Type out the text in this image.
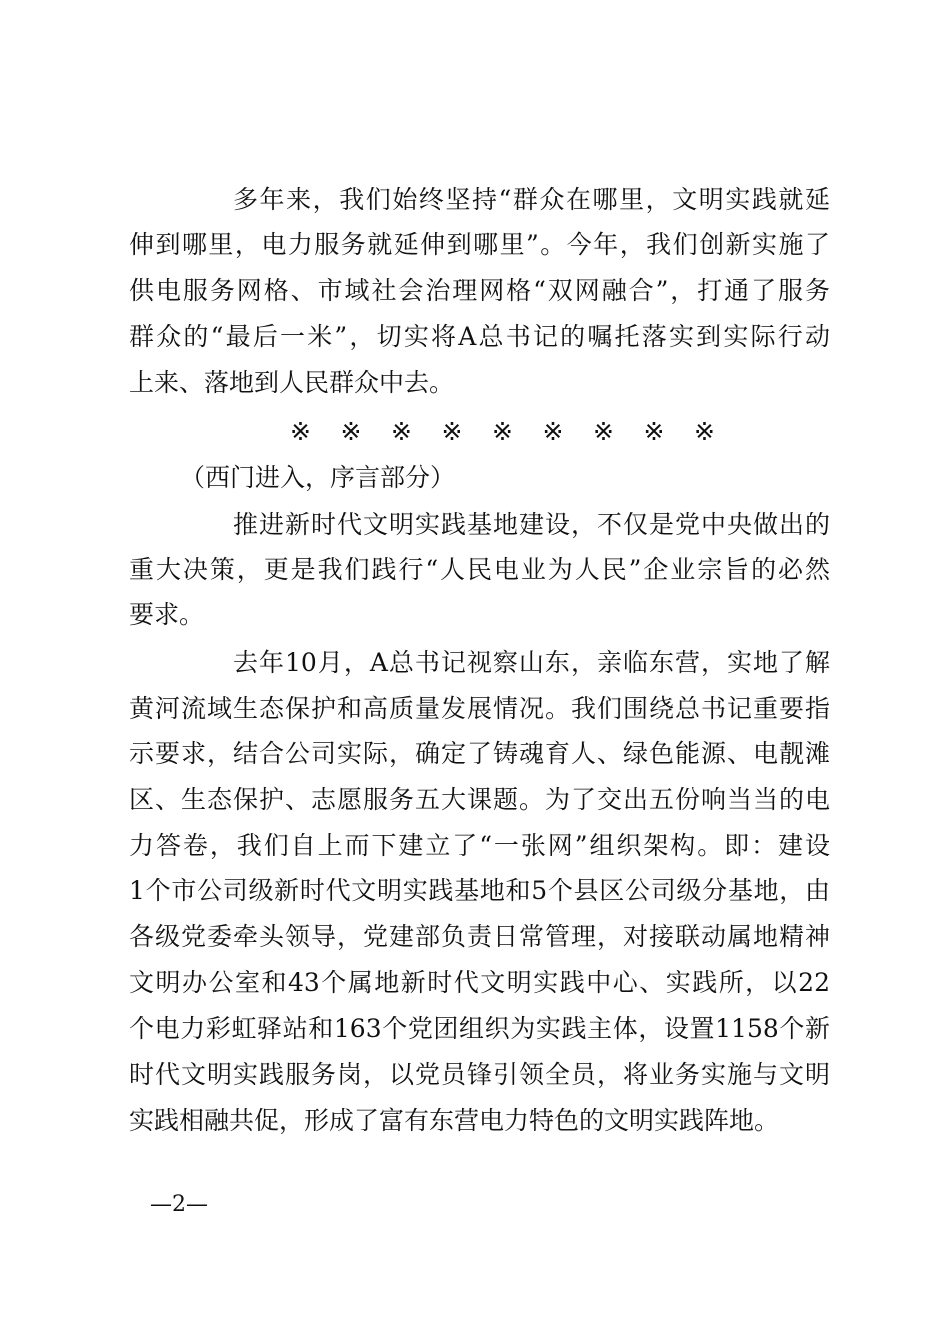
多年来，我们始终坚持“群众在哪里，文明实践就延
伸到哪里，电力服务就延伸到哪里”。今年，我们创新实施了
供电服务网格、市域社会治理网格“双网融合”，打通了服务
群众的“最后一米”，切实将A总书记的嘱托落实到实际行动
上来、落地到人民群众中去。
※ ※ ※ ※ ※ ※ ※ ※ ※
（西门进入，序言部分）
推进新时代文明实践基地建设，不仅是党中央做出的
重大决策，更是我们践行“人民电业为人民”企业宗旨的必然
要求。
去年10月，A总书记视察山东，亲临东营，实地了解
黄河流域生态保护和高质量发展情况。我们围绕总书记重要指
示要求，结合公司实际，确定了铸魂育人、绿色能源、电靓滩
区、生态保护、志愿服务五大课题。为了交出五份响当当的电
力答卷，我们自上而下建立了“一张网”组织架构。即：建设
1个市公司级新时代文明实践基地和5个县区公司级分基地，由
各级党委牵头领导，党建部负责日常管理，对接联动属地精神
文明办公室和43个属地新时代文明实践中心、实践所，以22
个电力彩虹驿站和163个党团组织为实践主体，设置1158个新
时代文明实践服务岗，以党员锋引领全员，将业务实施与文明
实践相融共促，形成了富有东营电力特色的文明实践阵地。
—2—
